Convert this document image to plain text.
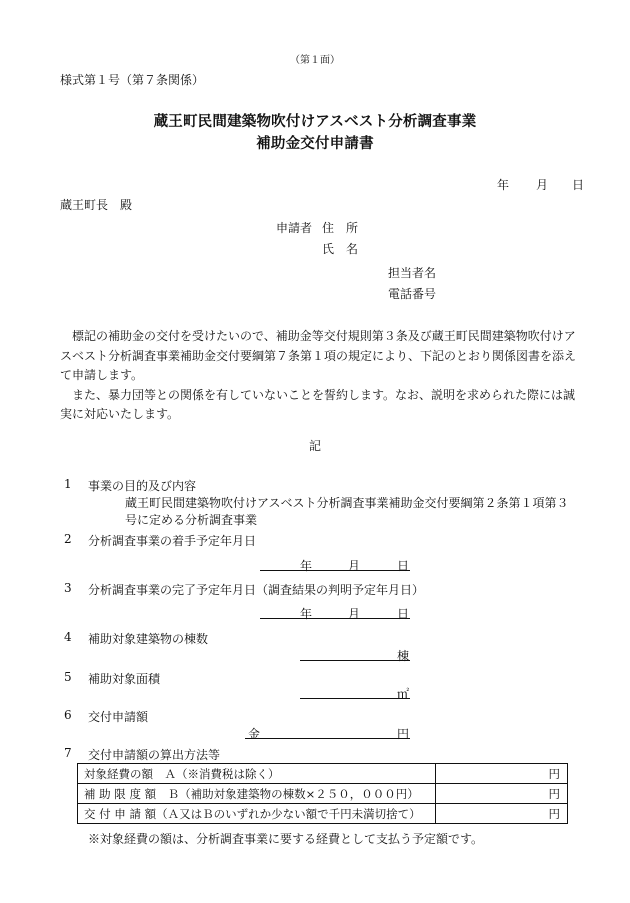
（第１面）
様式第１号（第７条関係）
蔵王町民間建築物吹付けアスベスト分析調査事業
補助金交付申請書
年 月 日
蔵王町長　殿
申請者 住　所
氏　名
担当者名
電話番号

標記の補助金の交付を受けたいので、補助金等交付規則第３条及び蔵王町民間建築物吹付けアスベスト分析調査事業補助金交付要綱第７条第１項の規定により、下記のとおり関係図書を添えて申請します。

また、暴力団等との関係を有していないことを誓約します。なお、説明を求められた際には誠実に対応いたします。

記
1 事業の目的及び内容
蔵王町民間建築物吹付けアスベスト分析調査事業補助金交付要綱第２条第１項第３
号に定める分析調査事業
2 分析調査事業の着手予定年月日
年	月	日
3 分析調査事業の完了予定年月日（調査結果の判明予定年月日）
年	月	日
4 補助対象建築物の棟数
棟
5 補助対象面積
㎡
6 交付申請額
金	円
7 交付申請額の算出方法等
対象経費の額　Ａ（※消費税は除く）	円
補 助 限 度 額　Ｂ（補助対象建築物の棟数×２５０，０００円）	円
交 付 申 請 額（Ａ又はＢのいずれか少ない額で千円未満切捨て）	円
※対象経費の額は、分析調査事業に要する経費として支払う予定額です。
